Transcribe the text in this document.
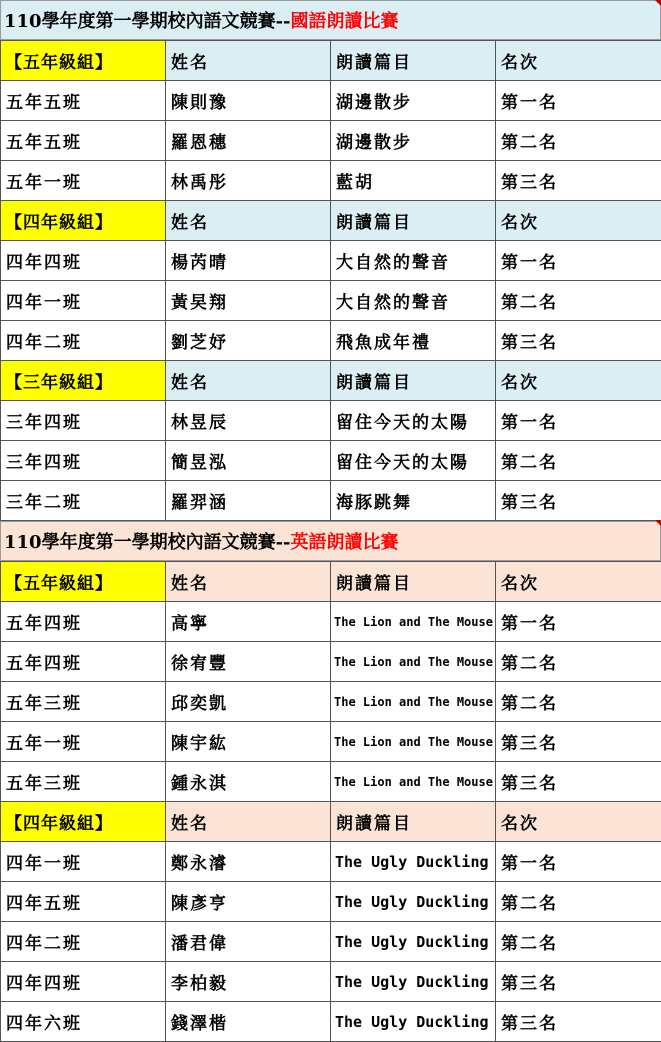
110學年度第一學期校內語文競賽-- 國語朗讀比賽
【五年級組】	姓名	朗讀篇目	名次
五年五班	陳則豫	湖邊散步	第一名
五年五班	羅恩穗	湖邊散步	第二名
五年一班	林禹彤	藍胡	第三名
【四年級組】	姓名	朗讀篇目	名次
四年四班	楊芮晴	大自然的聲音	第一名
四年一班	黃旲翔	大自然的聲音	第二名
四年二班	劉芝妤	飛魚成年禮	第三名
【三年級組】	姓名	朗讀篇目	名次
三年四班	林昱辰	留住今天的太陽	第一名
三年四班	簡昱泓	留住今天的太陽	第二名
三年二班	羅羿涵	海豚跳舞	第三名
110學年度第一學期校內語文競賽-- 英語朗讀比賽
【五年級組】	姓名	朗讀篇目	名次
五年四班	高寧	The Lion and The Mouse	第一名
五年四班	徐宥豐	The Lion and The Mouse	第二名
五年三班	邱奕凱	The Lion and The Mouse	第二名
五年一班	陳宇紘	The Lion and The Mouse	第三名
五年三班	鍾永淇	The Lion and The Mouse	第三名
【四年級組】	姓名	朗讀篇目	名次
四年一班	鄭永濬	The Ugly Duckling	第一名
四年五班	陳彥亨	The Ugly Duckling	第二名
四年二班	潘君偉	The Ugly Duckling	第二名
四年四班	李柏毅	The Ugly Duckling	第三名
四年六班	錢澤楷	The Ugly Duckling	第三名
